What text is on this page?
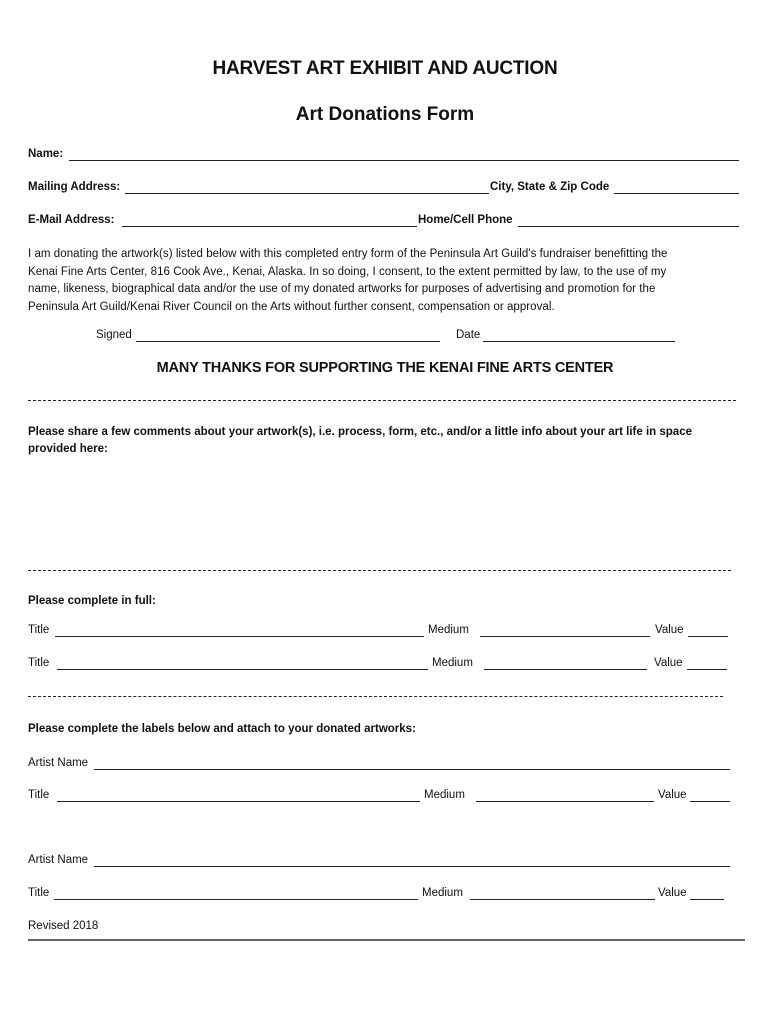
HARVEST ART EXHIBIT AND AUCTION
Art Donations Form
Name:
Mailing Address:	City, State & Zip Code
E-Mail Address:	Home/Cell Phone
I am donating the artwork(s) listed below with this completed entry form of the Peninsula Art Guild's fundraiser benefitting the
Kenai Fine Arts Center, 816 Cook Ave., Kenai, Alaska. In so doing, I consent, to the extent permitted by law, to the use of my
name, likeness, biographical data and/or the use of my donated artworks for purposes of advertising and promotion for the
Peninsula Art Guild/Kenai River Council on the Arts without further consent, compensation or approval.
Signed	Date
MANY THANKS FOR SUPPORTING THE KENAI FINE ARTS CENTER
Please share a few comments about your artwork(s), i.e. process, form, etc., and/or a little info about your art life in space
provided here:
Please complete in full:
Title	Medium	Value
Title	Medium	Value
Please complete the labels below and attach to your donated artworks:
Artist Name
Title	Medium	Value
Artist Name
Title	Medium	Value
Revised 2018
